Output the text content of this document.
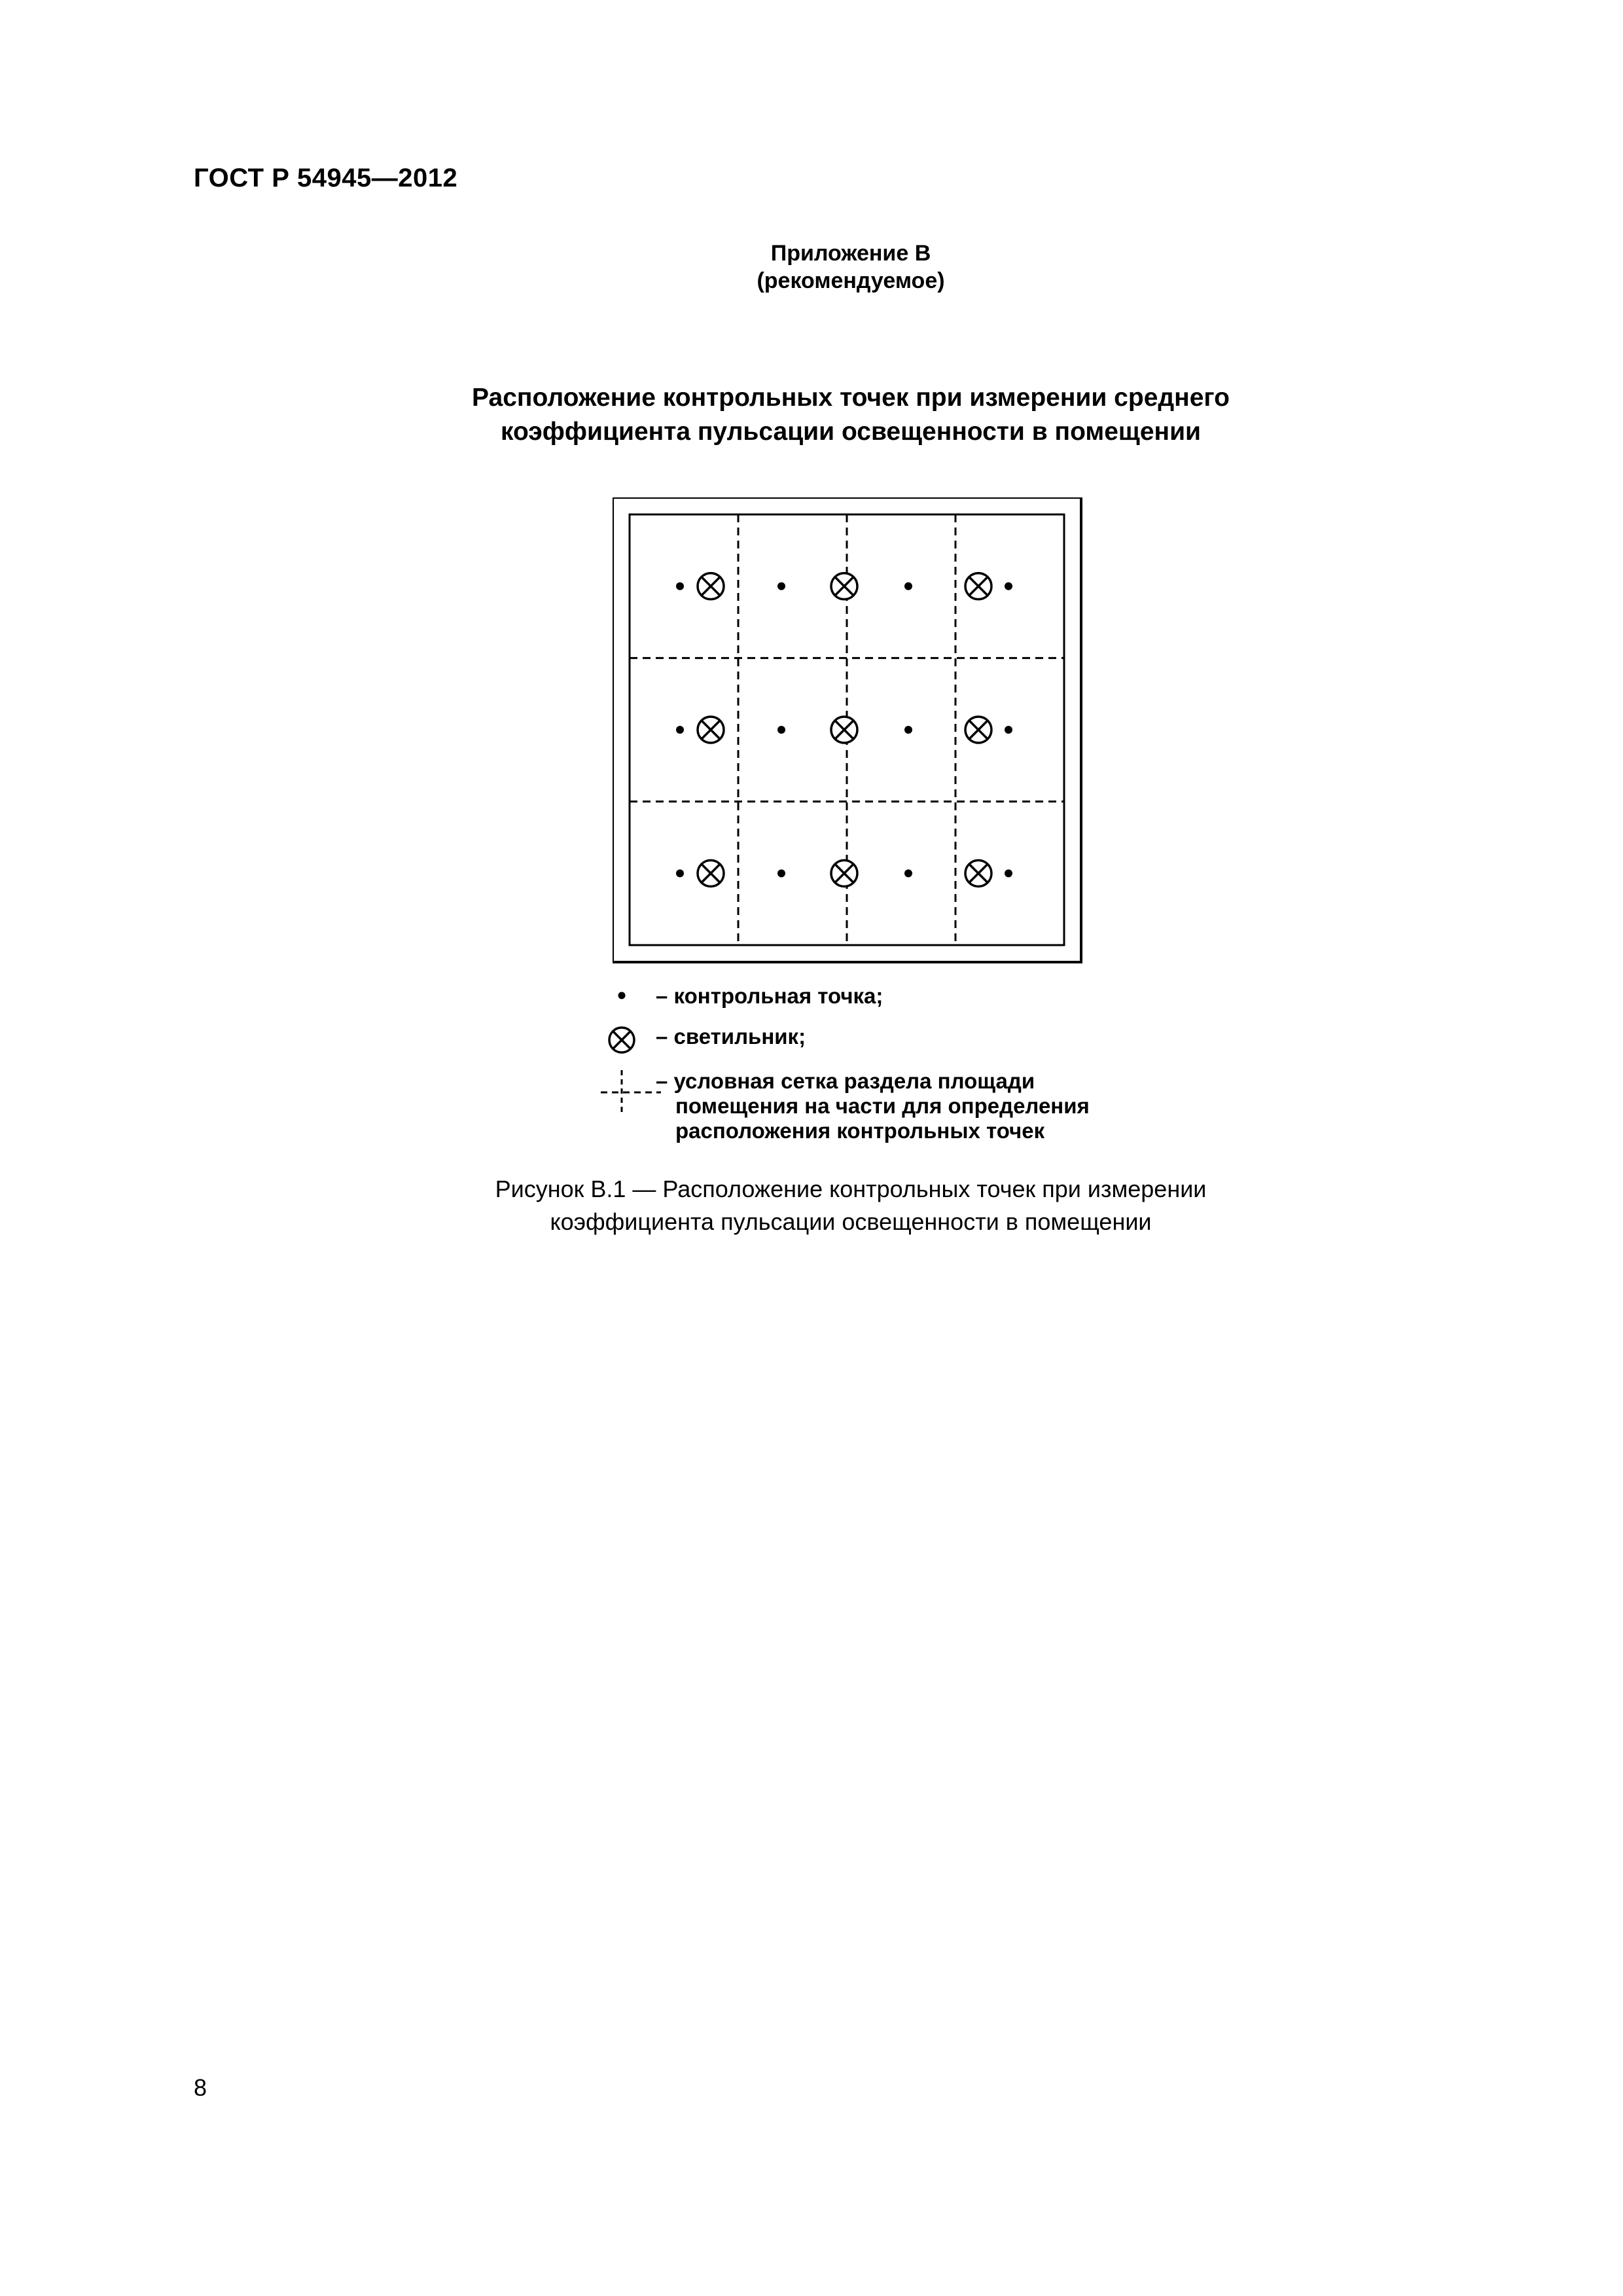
ГОСТ Р 54945—2012
Приложение В
(рекомендуемое)
Расположение контрольных точек при измерении среднего
коэффициента пульсации освещенности в помещении
– контрольная точка;
– светильник;
– условная сетка раздела площади
помещения на части для определения
расположения контрольных точек
Рисунок В.1 — Расположение контрольных точек при измерении
коэффициента пульсации освещенности в помещении
8
